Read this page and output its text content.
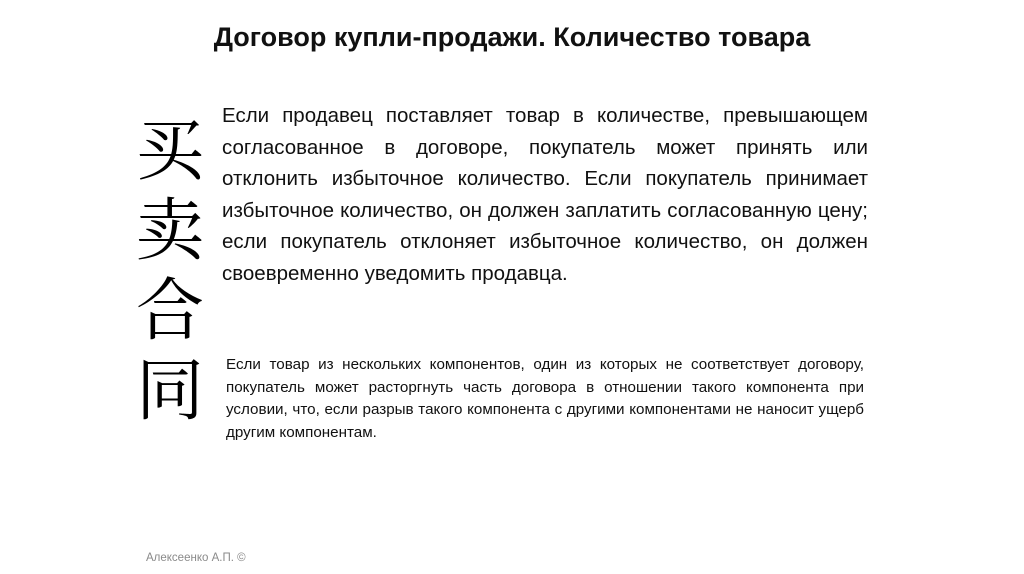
Договор купли-продажи. Количество товара
买
卖
合
同

Если продавец поставляет товар в количестве, превышающем согласованное в договоре, покупатель может принять или отклонить избыточное количество. Если покупатель принимает избыточное количество, он должен заплатить согласованную цену; если покупатель отклоняет избыточное количество, он должен своевременно уведомить продавца.

Если товар из нескольких компонентов, один из которых не соответствует договору, покупатель может расторгнуть часть договора в отношении такого компонента при условии, что, если разрыв такого компонента с другими компонентами не наносит ущерб другим компонентам.

Алексеенко А.П. ©
